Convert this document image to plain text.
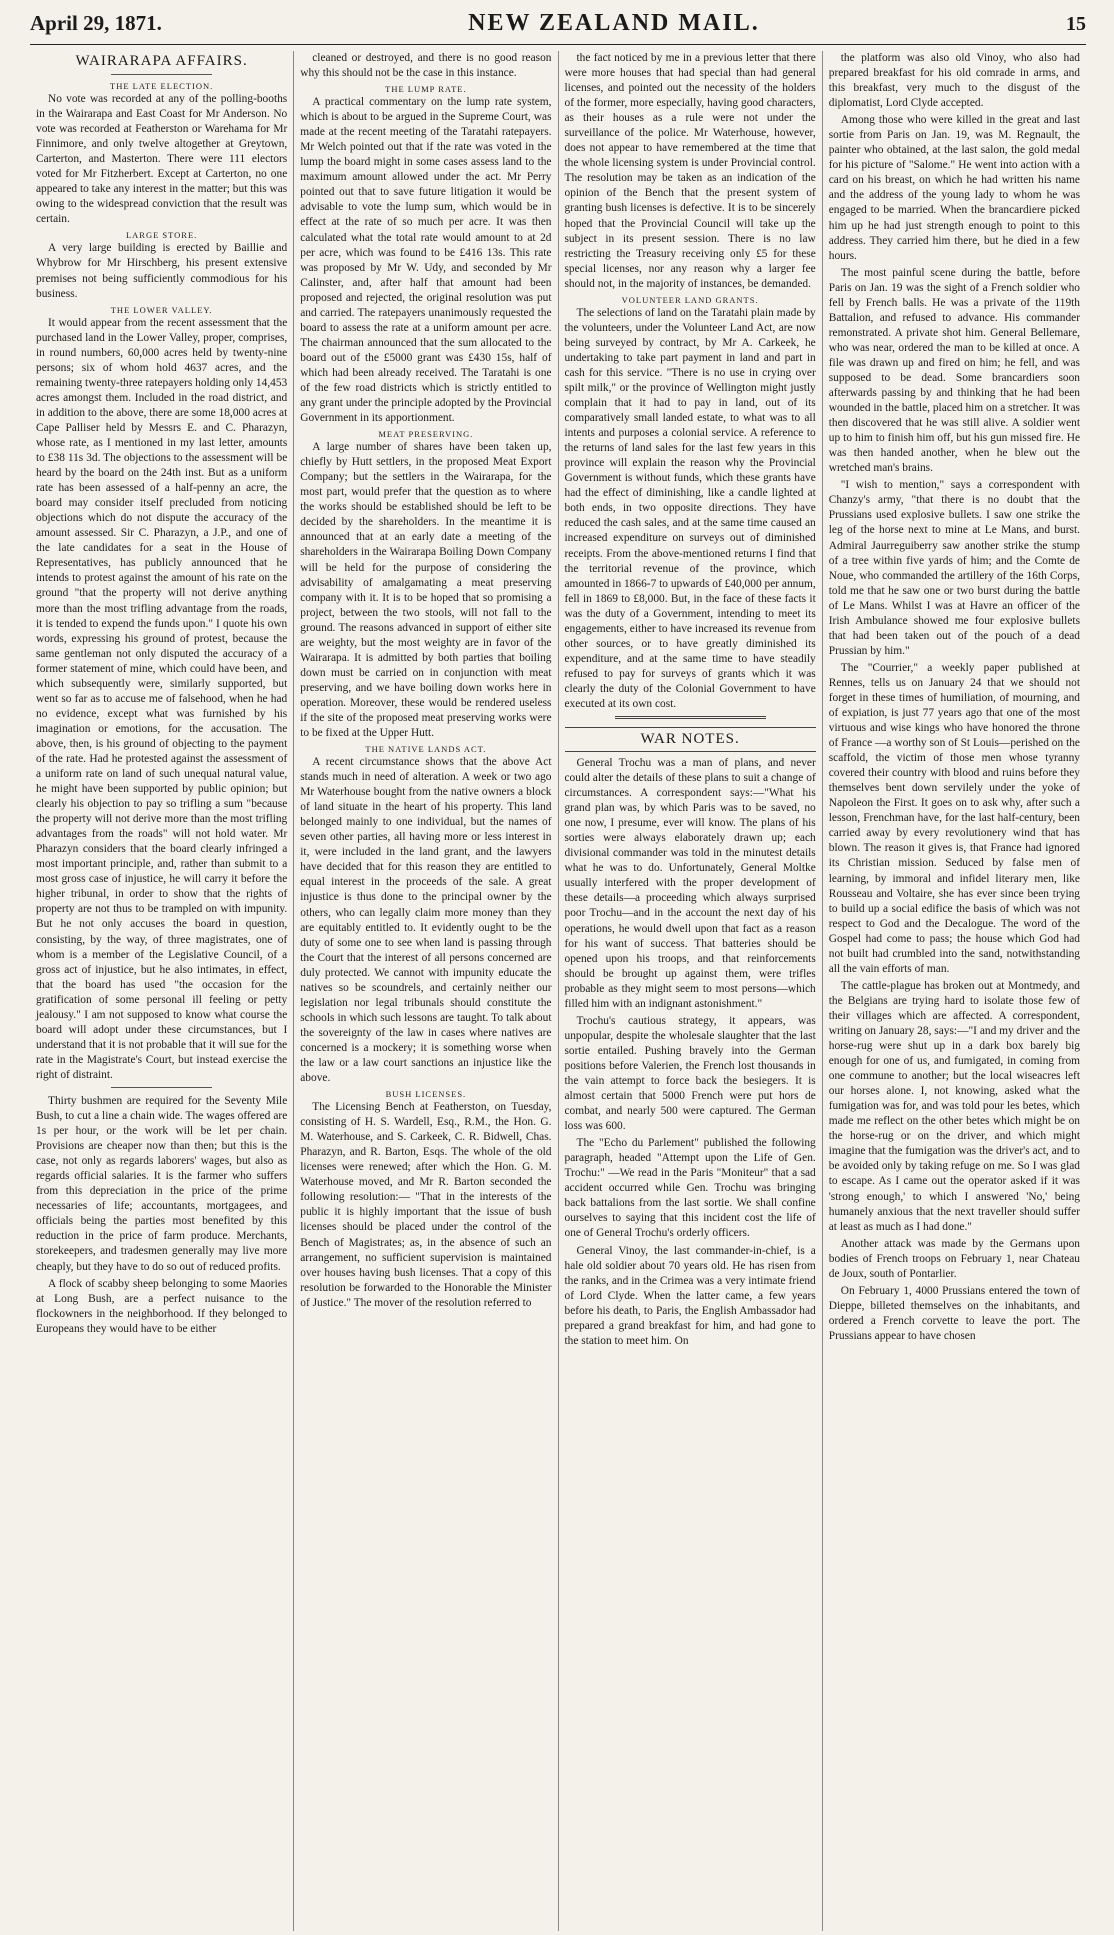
April 29, 1871.	NEW ZEALAND MAIL.	15
WAIRARAPA AFFAIRS.
THE LATE ELECTION.

No vote was recorded at any of the polling-booths in the Wairarapa and East Coast for Mr Anderson. No vote was recorded at Featherston or Warehama for Mr Finnimore, and only twelve altogether at Greytown, Carterton, and Masterton. There were 111 electors voted for Mr Fitzherbert. Except at Carterton, no one appeared to take any interest in the matter; but this was owing to the widespread conviction that the result was certain.

LARGE STORE.

A very large building is erected by Baillie and Whybrow for Mr Hirschberg, his present extensive premises not being sufficiently commodious for his business.

THE LOWER VALLEY.

It would appear from the recent assessment that the purchased land in the Lower Valley, proper, comprises, in round numbers, 60,000 acres held by twenty-nine persons; six of whom hold 4637 acres, and the remaining twenty-three ratepayers holding only 14,453 acres amongst them. Included in the road district, and in addition to the above, there are some 18,000 acres at Cape Palliser held by Messrs E. and C. Pharazyn, whose rate, as I mentioned in my last letter, amounts to £38 11s 3d. The objections to the assessment will be heard by the board on the 24th inst. But as a uniform rate has been assessed of a half-penny an acre, the board may consider itself precluded from noticing objections which do not dispute the accuracy of the amount assessed. Sir C. Pharazyn, a J.P., and one of the late candidates for a seat in the House of Representatives, has publicly announced that he intends to protest against the amount of his rate on the ground "that the property will not derive anything more than the most trifling advantage from the roads, it is tended to expend the funds upon." I quote his own words, expressing his ground of protest, because the same gentleman not only disputed the accuracy of a former statement of mine, which could have been, and which subsequently were, similarly supported, but went so far as to accuse me of falsehood, when he had no evidence, except what was furnished by his imagination or emotions, for the accusation. The above, then, is his ground of objecting to the payment of the rate. Had he protested against the assessment of a uniform rate on land of such unequal natural value, he might have been supported by public opinion; but clearly his objection to pay so trifling a sum "because the property will not derive more than the most trifling advantages from the roads" will not hold water. Mr Pharazyn considers that the board clearly infringed a most important principle, and, rather than submit to a most gross case of injustice, he will carry it before the higher tribunal, in order to show that the rights of property are not thus to be trampled on with impunity. But he not only accuses the board in question, consisting, by the way, of three magistrates, one of whom is a member of the Legislative Council, of a gross act of injustice, but he also intimates, in effect, that the board has used "the occasion for the gratification of some personal ill feeling or petty jealousy." I am not supposed to know what course the board will adopt under these circumstances, but I understand that it is not probable that it will sue for the rate in the Magistrate's Court, but instead exercise the right of distraint.

Thirty bushmen are required for the Seventy Mile Bush, to cut a line a chain wide. The wages offered are 1s per hour, or the work will be let per chain. Provisions are cheaper now than then; but this is the case, not only as regards laborers' wages, but also as regards official salaries. It is the farmer who suffers from this depreciation in the price of the prime necessaries of life; accountants, mortgagees, and officials being the parties most benefited by this reduction in the price of farm produce. Merchants, storekeepers, and tradesmen generally may live more cheaply, but they have to do so out of reduced profits.

A flock of scabby sheep belonging to some Maories at Long Bush, are a perfect nuisance to the flockowners in the neighborhood. If they belonged to Europeans they would have to be either

cleaned or destroyed, and there is no good reason why this should not be the case in this instance.

THE LUMP RATE.

A practical commentary on the lump rate system, which is about to be argued in the Supreme Court, was made at the recent meeting of the Taratahi ratepayers. Mr Welch pointed out that if the rate was voted in the lump the board might in some cases assess land to the maximum amount allowed under the act. Mr Perry pointed out that to save future litigation it would be advisable to vote the lump sum, which would be in effect at the rate of so much per acre. It was then calculated what the total rate would amount to at 2d per acre, which was found to be £416 13s. This rate was proposed by Mr W. Udy, and seconded by Mr Calinster, and, after half that amount had been proposed and rejected, the original resolution was put and carried. The ratepayers unanimously requested the board to assess the rate at a uniform amount per acre. The chairman announced that the sum allocated to the board out of the £5000 grant was £430 15s, half of which had been already received. The Taratahi is one of the few road districts which is strictly entitled to any grant under the principle adopted by the Provincial Government in its apportionment.

MEAT PRESERVING.

A large number of shares have been taken up, chiefly by Hutt settlers, in the proposed Meat Export Company; but the settlers in the Wairarapa, for the most part, would prefer that the question as to where the works should be established should be left to be decided by the shareholders. In the meantime it is announced that at an early date a meeting of the shareholders in the Wairarapa Boiling Down Company will be held for the purpose of considering the advisability of amalgamating a meat preserving company with it. It is to be hoped that so promising a project, between the two stools, will not fall to the ground. The reasons advanced in support of either site are weighty, but the most weighty are in favor of the Wairarapa. It is admitted by both parties that boiling down must be carried on in conjunction with meat preserving, and we have boiling down works here in operation. Moreover, these would be rendered useless if the site of the proposed meat preserving works were to be fixed at the Upper Hutt.

THE NATIVE LANDS ACT.

A recent circumstance shows that the above Act stands much in need of alteration. A week or two ago Mr Waterhouse bought from the native owners a block of land situate in the heart of his property. This land belonged mainly to one individual, but the names of seven other parties, all having more or less interest in it, were included in the land grant, and the lawyers have decided that for this reason they are entitled to equal interest in the proceeds of the sale. A great injustice is thus done to the principal owner by the others, who can legally claim more money than they are equitably entitled to. It evidently ought to be the duty of some one to see when land is passing through the Court that the interest of all persons concerned are duly protected. We cannot with impunity educate the natives so be scoundrels, and certainly neither our legislation nor legal tribunals should constitute the schools in which such lessons are taught. To talk about the sovereignty of the law in cases where natives are concerned is a mockery; it is something worse when the law or a law court sanctions an injustice like the above.

BUSH LICENSES.

The Licensing Bench at Featherston, on Tuesday, consisting of H. S. Wardell, Esq., R.M., the Hon. G. M. Waterhouse, and S. Carkeek, C. R. Bidwell, Chas. Pharazyn, and R. Barton, Esqs. The whole of the old licenses were renewed; after which the Hon. G. M. Waterhouse moved, and Mr R. Barton seconded the following resolution:— "That in the interests of the public it is highly important that the issue of bush licenses should be placed under the control of the Bench of Magistrates; as, in the absence of such an arrangement, no sufficient supervision is maintained over houses having bush licenses. That a copy of this resolution be forwarded to the Honorable the Minister of Justice." The mover of the resolution referred to

the fact noticed by me in a previous letter that there were more houses that had special than had general licenses, and pointed out the necessity of the holders of the former, more especially, having good characters, as their houses as a rule were not under the surveillance of the police. Mr Waterhouse, however, does not appear to have remembered at the time that the whole licensing system is under Provincial control. The resolution may be taken as an indication of the opinion of the Bench that the present system of granting bush licenses is defective. It is to be sincerely hoped that the Provincial Council will take up the subject in its present session. There is no law restricting the Treasury receiving only £5 for these special licenses, nor any reason why a larger fee should not, in the majority of instances, be demanded.

VOLUNTEER LAND GRANTS.

The selections of land on the Taratahi plain made by the volunteers, under the Volunteer Land Act, are now being surveyed by contract, by Mr A. Carkeek, he undertaking to take part payment in land and part in cash for this service. "There is no use in crying over spilt milk," or the province of Wellington might justly complain that it had to pay in land, out of its comparatively small landed estate, to what was to all intents and purposes a colonial service. A reference to the returns of land sales for the last few years in this province will explain the reason why the Provincial Government is without funds, which these grants have had the effect of diminishing, like a candle lighted at both ends, in two opposite directions. They have reduced the cash sales, and at the same time caused an increased expenditure on surveys out of diminished receipts. From the above-mentioned returns I find that the territorial revenue of the province, which amounted in 1866-7 to upwards of £40,000 per annum, fell in 1869 to £8,000. But, in the face of these facts it was the duty of a Government, intending to meet its engagements, either to have increased its revenue from other sources, or to have greatly diminished its expenditure, and at the same time to have steadily refused to pay for surveys of grants which it was clearly the duty of the Colonial Government to have executed at its own cost.

WAR NOTES.

General Trochu was a man of plans, and never could alter the details of these plans to suit a change of circumstances. A correspondent says:—"What his grand plan was, by which Paris was to be saved, no one now, I presume, ever will know. The plans of his sorties were always elaborately drawn up; each divisional commander was told in the minutest details what he was to do. Unfortunately, General Moltke usually interfered with the proper development of these details—a proceeding which always surprised poor Trochu—and in the account the next day of his operations, he would dwell upon that fact as a reason for his want of success. That batteries should be opened upon his troops, and that reinforcements should be brought up against them, were trifles probable as they might seem to most persons—which filled him with an indignant astonishment."

Trochu's cautious strategy, it appears, was unpopular, despite the wholesale slaughter that the last sortie entailed. Pushing bravely into the German positions before Valerien, the French lost thousands in the vain attempt to force back the besiegers. It is almost certain that 5000 French were put hors de combat, and nearly 500 were captured. The German loss was 600.

The "Echo du Parlement" published the following paragraph, headed "Attempt upon the Life of Gen. Trochu:" —We read in the Paris "Moniteur" that a sad accident occurred while Gen. Trochu was bringing back battalions from the last sortie. We shall confine ourselves to saying that this incident cost the life of one of General Trochu's orderly officers.

General Vinoy, the last commander-in-chief, is a hale old soldier about 70 years old. He has risen from the ranks, and in the Crimea was a very intimate friend of Lord Clyde. When the latter came, a few years before his death, to Paris, the English Ambassador had prepared a grand breakfast for him, and had gone to the station to meet him. On

the platform was also old Vinoy, who also had prepared breakfast for his old comrade in arms, and this breakfast, very much to the disgust of the diplomatist, Lord Clyde accepted.

Among those who were killed in the great and last sortie from Paris on Jan. 19, was M. Regnault, the painter who obtained, at the last salon, the gold medal for his picture of "Salome." He went into action with a card on his breast, on which he had written his name and the address of the young lady to whom he was engaged to be married. When the brancardiere picked him up he had just strength enough to point to this address. They carried him there, but he died in a few hours.

The most painful scene during the battle, before Paris on Jan. 19 was the sight of a French soldier who fell by French balls. He was a private of the 119th Battalion, and refused to advance. His commander remonstrated. A private shot him. General Bellemare, who was near, ordered the man to be killed at once. A file was drawn up and fired on him; he fell, and was supposed to be dead. Some brancardiers soon afterwards passing by and thinking that he had been wounded in the battle, placed him on a stretcher. It was then discovered that he was still alive. A soldier went up to him to finish him off, but his gun missed fire. He was then handed another, when he blew out the wretched man's brains.

"I wish to mention," says a correspondent with Chanzy's army, "that there is no doubt that the Prussians used explosive bullets. I saw one strike the leg of the horse next to mine at Le Mans, and burst. Admiral Jaurreguiberry saw another strike the stump of a tree within five yards of him; and the Comte de Noue, who commanded the artillery of the 16th Corps, told me that he saw one or two burst during the battle of Le Mans. Whilst I was at Havre an officer of the Irish Ambulance showed me four explosive bullets that had been taken out of the pouch of a dead Prussian by him."

The "Courrier," a weekly paper published at Rennes, tells us on January 24 that we should not forget in these times of humiliation, of mourning, and of expiation, is just 77 years ago that one of the most virtuous and wise kings who have honored the throne of France —a worthy son of St Louis—perished on the scaffold, the victim of those men whose tyranny covered their country with blood and ruins before they themselves bent down servilely under the yoke of Napoleon the First. It goes on to ask why, after such a lesson, Frenchman have, for the last half-century, been carried away by every revolutionery wind that has blown. The reason it gives is, that France had ignored its Christian mission. Seduced by false men of learning, by immoral and infidel literary men, like Rousseau and Voltaire, she has ever since been trying to build up a social edifice the basis of which was not respect to God and the Decalogue. The word of the Gospel had come to pass; the house which God had not built had crumbled into the sand, notwithstanding all the vain efforts of man.

The cattle-plague has broken out at Montmedy, and the Belgians are trying hard to isolate those few of their villages which are affected. A correspondent, writing on January 28, says:—"I and my driver and the horse-rug were shut up in a dark box barely big enough for one of us, and fumigated, in coming from one commune to another; but the local wiseacres left our horses alone. I, not knowing, asked what the fumigation was for, and was told pour les betes, which made me reflect on the other betes which might be on the horse-rug or on the driver, and which might imagine that the fumigation was the driver's act, and to be avoided only by taking refuge on me. So I was glad to escape. As I came out the operator asked if it was 'strong enough,' to which I answered 'No,' being humanely anxious that the next traveller should suffer at least as much as I had done."

Another attack was made by the Germans upon bodies of French troops on February 1, near Chateau de Joux, south of Pontarlier.

On February 1, 4000 Prussians entered the town of Dieppe, billeted themselves on the inhabitants, and ordered a French corvette to leave the port. The Prussians appear to have chosen
